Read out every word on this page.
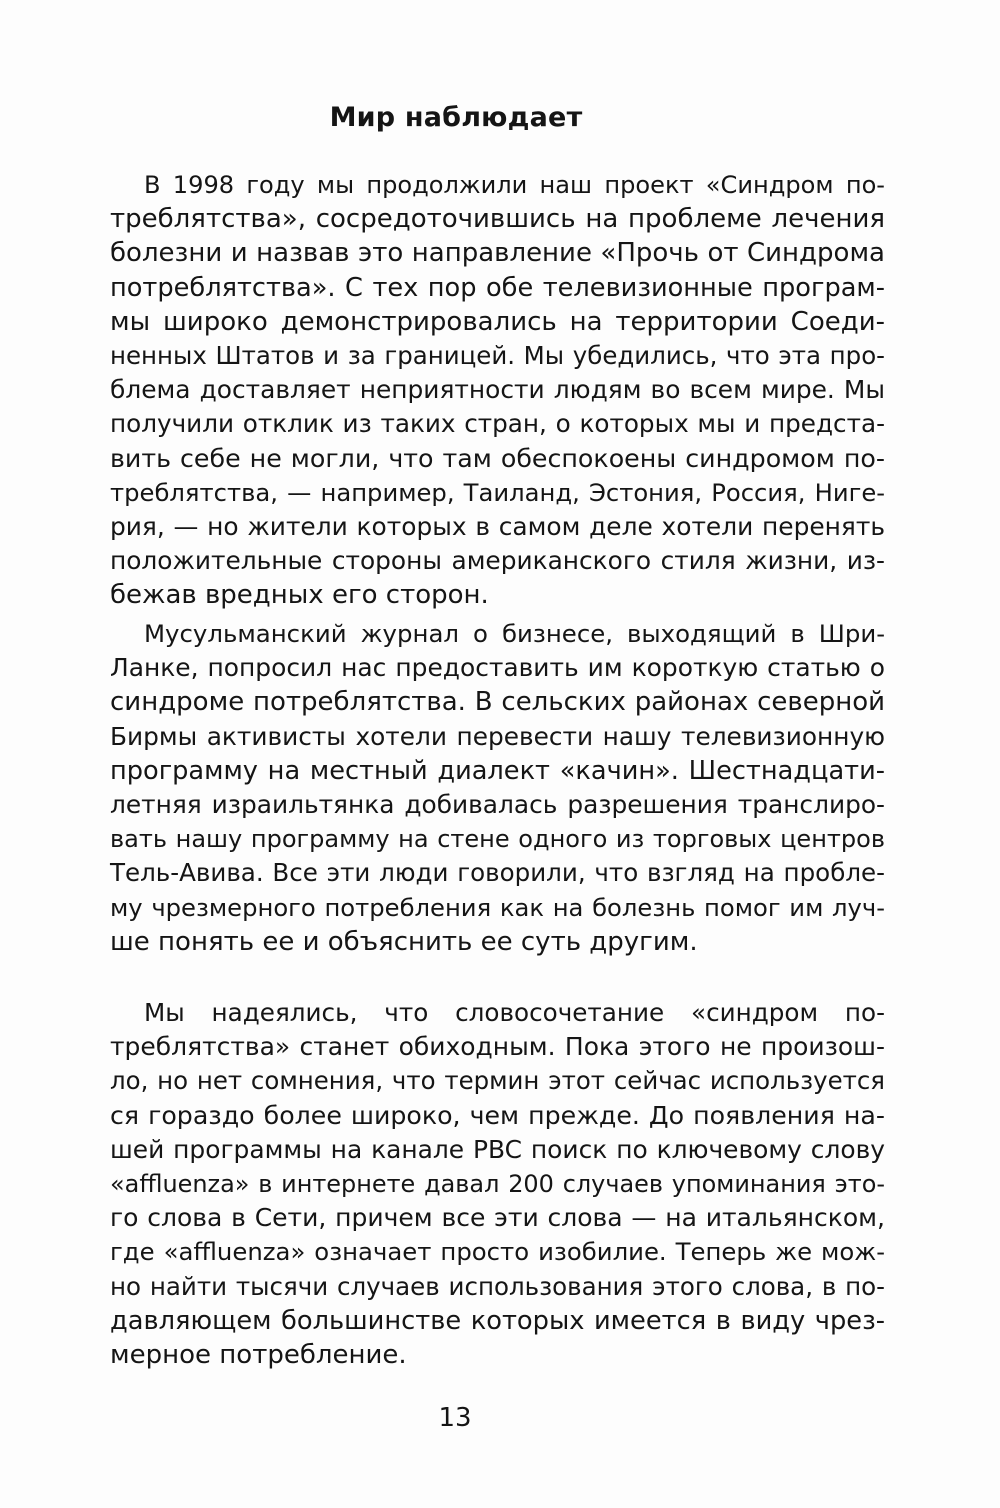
Мир наблюдает
В 1998 году мы продолжили наш проект «Синдром по-
треблятства», сосредоточившись на проблеме лечения
болезни и назвав это направление «Прочь от Синдрома
потреблятства». С тех пор обе телевизионные програм-
мы широко демонстрировались на территории Соеди-
ненных Штатов и за границей. Мы убедились, что эта про-
блема доставляет неприятности людям во всем мире. Мы
получили отклик из таких стран, о которых мы и предста-
вить себе не могли, что там обеспокоены синдромом по-
треблятства, — например, Таиланд, Эстония, Россия, Ниге-
рия, — но жители которых в самом деле хотели перенять
положительные стороны американского стиля жизни, из-
бежав вредных его сторон.
Мусульманский журнал о бизнесе, выходящий в Шри-
Ланке, попросил нас предоставить им короткую статью о
синдроме потреблятства. В сельских районах северной
Бирмы активисты хотели перевести нашу телевизионную
программу на местный диалект «качин». Шестнадцати-
летняя израильтянка добивалась разрешения транслиро-
вать нашу программу на стене одного из торговых центров
Тель-Авива. Все эти люди говорили, что взгляд на пробле-
му чрезмерного потребления как на болезнь помог им луч-
ше понять ее и объяснить ее суть другим.
Мы надеялись, что словосочетание «синдром по-
треблятства» станет обиходным. Пока этого не произош-
ло, но нет сомнения, что термин этот сейчас используется
ся гораздо более широко, чем прежде. До появления на-
шей программы на канале PBC поиск по ключевому слову
«affluenza» в интернете давал 200 случаев упоминания это-
го слова в Сети, причем все эти слова — на итальянском,
где «affluenza» означает просто изобилие. Теперь же мож-
но найти тысячи случаев использования этого слова, в по-
давляющем большинстве которых имеется в виду чрез-
мерное потребление.
13
